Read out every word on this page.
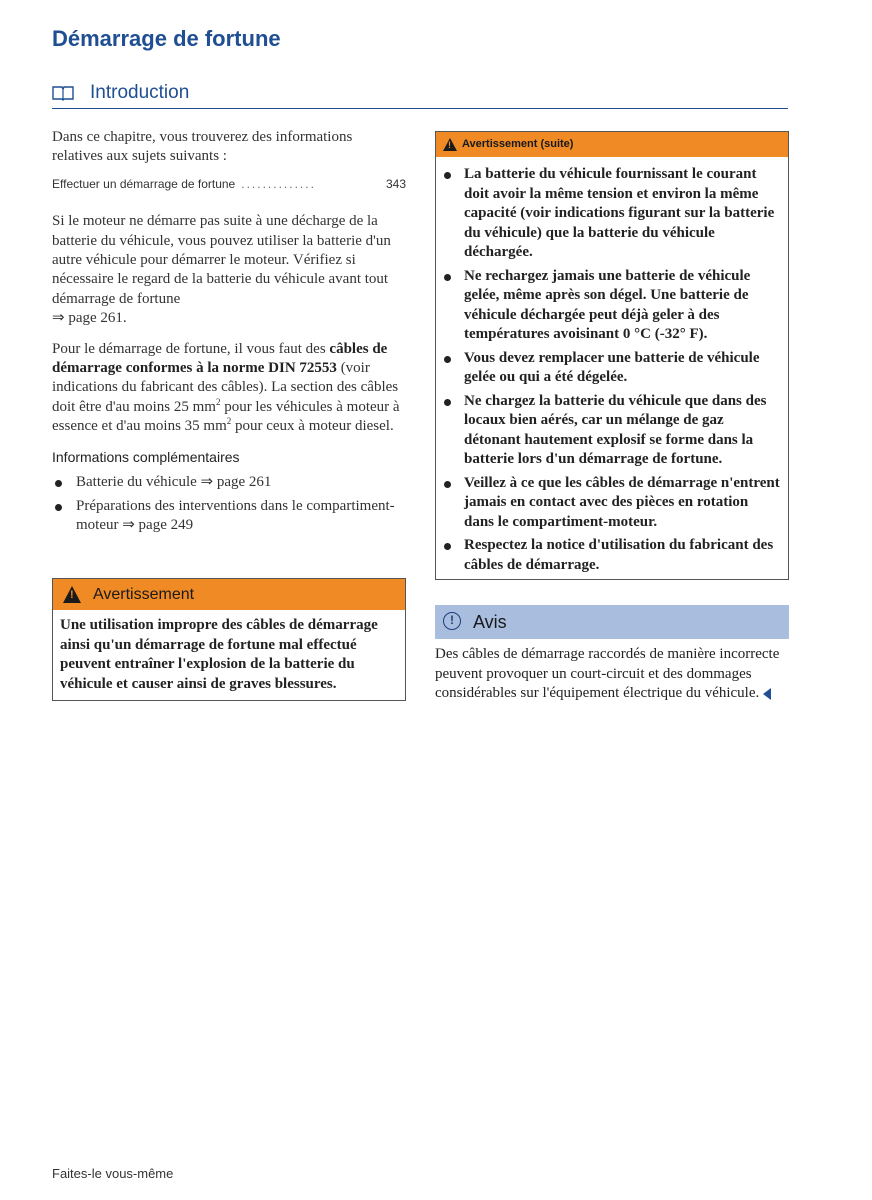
Démarrage de fortune
Introduction

Dans ce chapitre, vous trouverez des informations relatives aux sujets suivants :

Effectuer un démarrage de fortune ..............	343

Si le moteur ne démarre pas suite à une décharge de la batterie du véhicule, vous pouvez utiliser la batterie d'un autre véhicule pour démarrer le moteur. Vérifiez si nécessaire le regard de la batterie du véhicule avant tout démarrage de fortune
⇒ page 261.

Pour le démarrage de fortune, il vous faut des câbles de démarrage conformes à la norme DIN 72553 (voir indications du fabricant des câbles). La section des câbles doit être d'au moins 25 $mm^2$ pour les véhicules à moteur à essence et d'au moins 35 $mm^2$ pour ceux à moteur diesel.

Informations complémentaires
Batterie du véhicule ⇒ page 261
Préparations des interventions dans le compartiment-moteur ⇒ page 249
!
Avertissement
Une utilisation impropre des câbles de démarrage ainsi qu'un démarrage de fortune mal effectué peuvent entraîner l'explosion de la batterie du véhicule et causer ainsi de graves blessures.
!
Avertissement (suite)
La batterie du véhicule fournissant le courant doit avoir la même tension et environ la même capacité (voir indications figurant sur la batterie du véhicule) que la batterie du véhicule déchargée.
Ne rechargez jamais une batterie de véhicule gelée, même après son dégel. Une batterie de véhicule déchargée peut déjà geler à des températures avoisinant 0 °C (-32° F).
Vous devez remplacer une batterie de véhicule gelée ou qui a été dégelée.
Ne chargez la batterie du véhicule que dans des locaux bien aérés, car un mélange de gaz détonant hautement explosif se forme dans la batterie lors d'un démarrage de fortune.
Veillez à ce que les câbles de démarrage n'entrent jamais en contact avec des pièces en rotation dans le compartiment-moteur.
Respectez la notice d'utilisation du fabricant des câbles de démarrage.
!	Avis
Des câbles de démarrage raccordés de manière incorrecte peuvent provoquer un court-circuit et des dommages considérables sur l'équipement électrique du véhicule.
Faites-le vous-même
